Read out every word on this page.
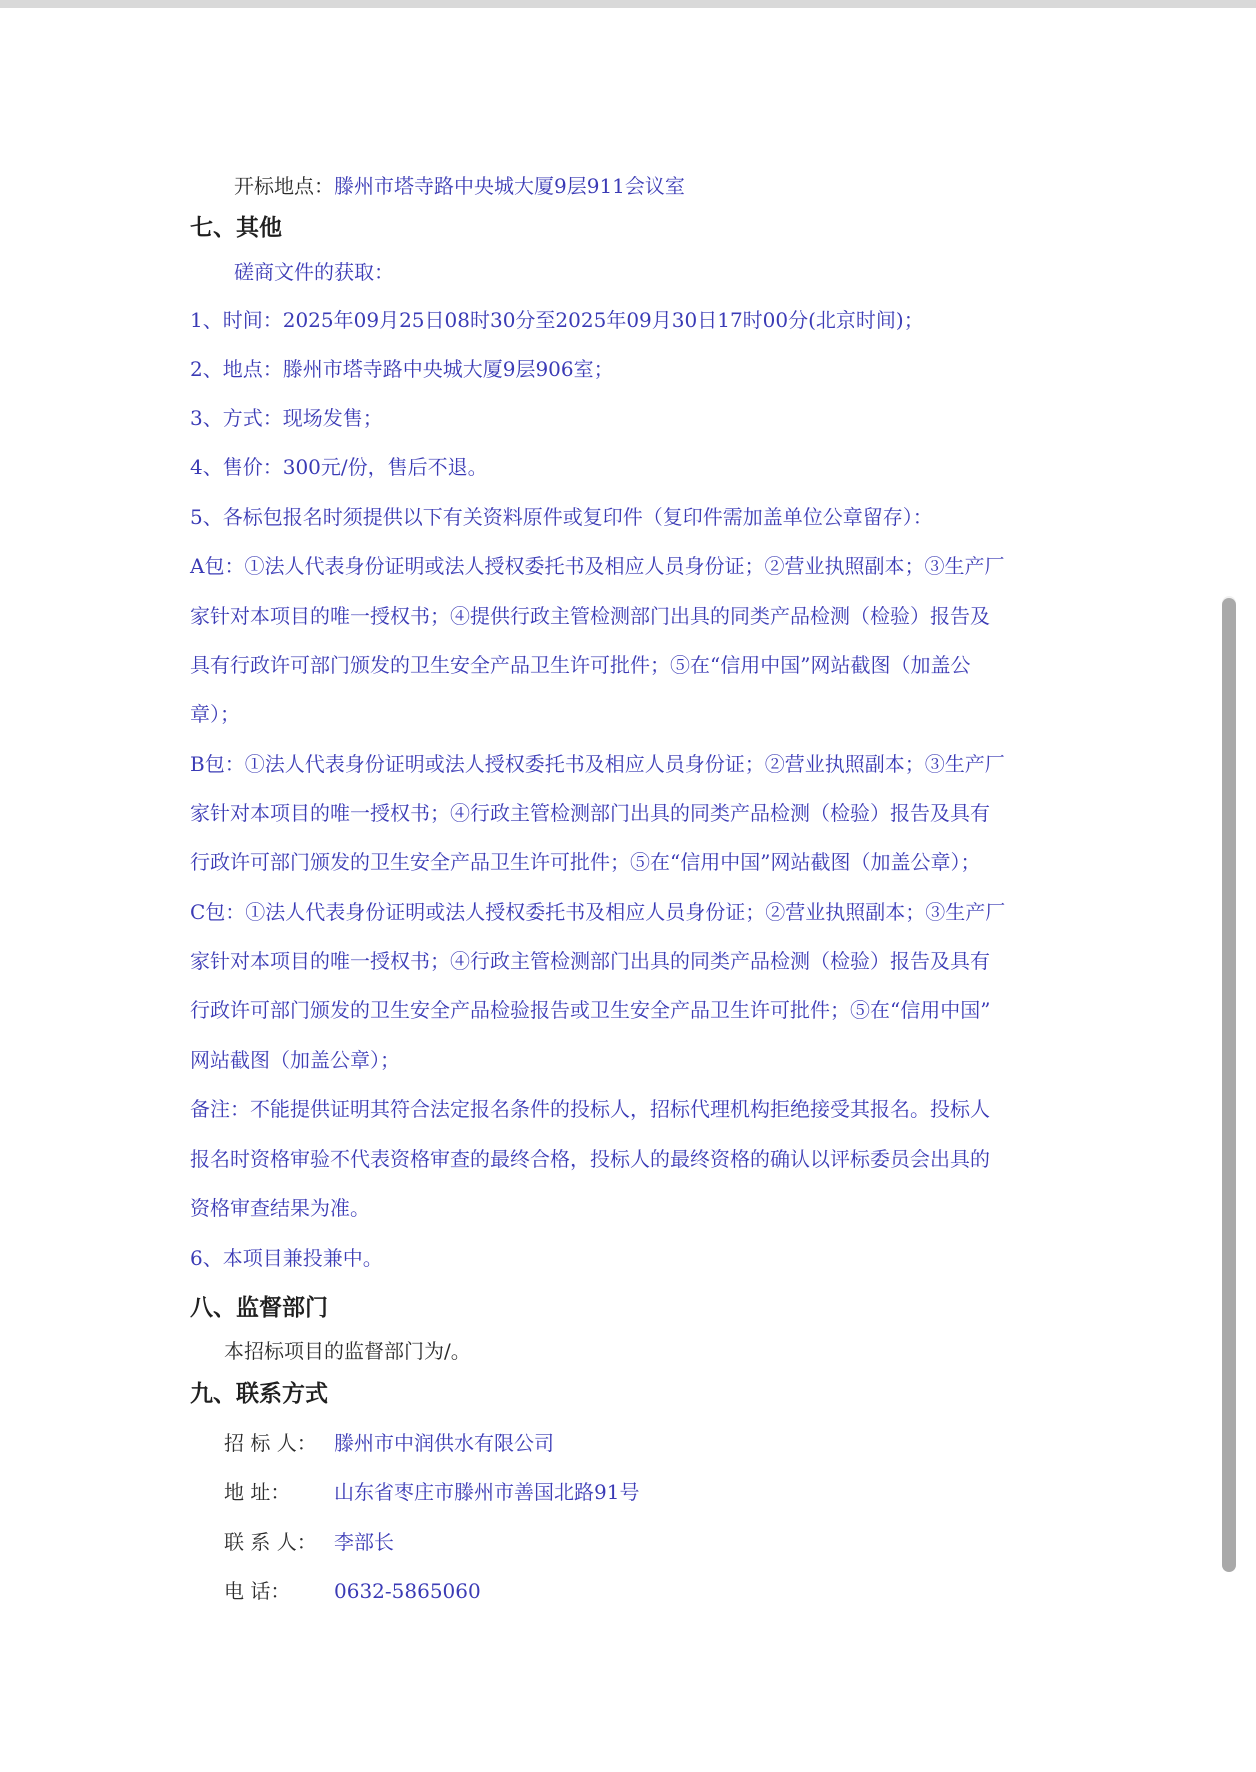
开标地点：滕州市塔寺路中央城大厦9层911会议室
七、其他
磋商文件的获取：
1、时间：2025年09月25日08时30分至2025年09月30日17时00分(北京时间)；
2、地点：滕州市塔寺路中央城大厦9层906室；
3、方式：现场发售；
4、售价：300元/份，售后不退。
5、各标包报名时须提供以下有关资料原件或复印件（复印件需加盖单位公章留存）：
A包：①法人代表身份证明或法人授权委托书及相应人员身份证；②营业执照副本；③生产厂
家针对本项目的唯一授权书；④提供行政主管检测部门出具的同类产品检测（检验）报告及
具有行政许可部门颁发的卫生安全产品卫生许可批件；⑤在“信用中国”网站截图（加盖公
章）；
B包：①法人代表身份证明或法人授权委托书及相应人员身份证；②营业执照副本；③生产厂
家针对本项目的唯一授权书；④行政主管检测部门出具的同类产品检测（检验）报告及具有
行政许可部门颁发的卫生安全产品卫生许可批件；⑤在“信用中国”网站截图（加盖公章）；
C包：①法人代表身份证明或法人授权委托书及相应人员身份证；②营业执照副本；③生产厂
家针对本项目的唯一授权书；④行政主管检测部门出具的同类产品检测（检验）报告及具有
行政许可部门颁发的卫生安全产品检验报告或卫生安全产品卫生许可批件；⑤在“信用中国”
网站截图（加盖公章）；
备注：不能提供证明其符合法定报名条件的投标人，招标代理机构拒绝接受其报名。投标人
报名时资格审验不代表资格审查的最终合格，投标人的最终资格的确认以评标委员会出具的
资格审查结果为准。
6、本项目兼投兼中。
八、监督部门
本招标项目的监督部门为/。
九、联系方式
招 标 人： 滕州市中润供水有限公司
地 址：	山东省枣庄市滕州市善国北路91号
联 系 人： 李部长
电 话：	0632-5865060
